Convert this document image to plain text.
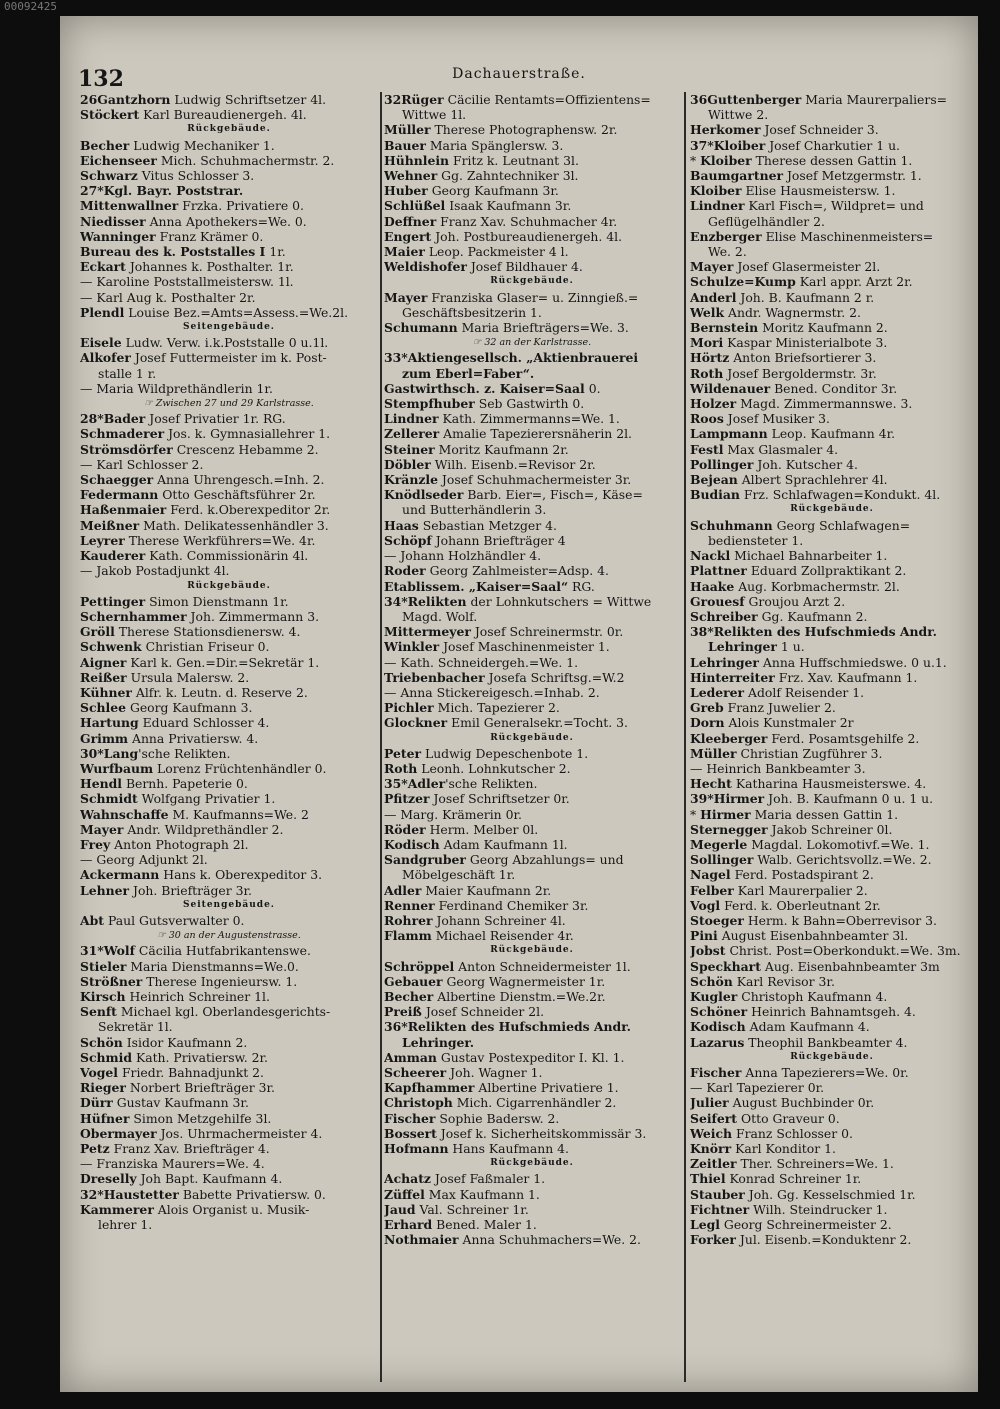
00092425
132	Dachauerstraße.
26Gantzhorn Ludwig Schriftsetzer 4l.
Stöckert Karl Bureaudienergeh. 4l.
Rückgebäude.
Becher Ludwig Mechaniker 1.
Eichenseer Mich. Schuhmachermstr. 2.
Schwarz Vitus Schlosser 3.
27*Kgl. Bayr. Poststrar.
Mittenwallner Frzka. Privatiere 0.
Niedisser Anna Apothekers=We. 0.
Wanninger Franz Krämer 0.
Bureau des k. Poststalles I 1r.
Eckart Johannes k. Posthalter. 1r.
— Karoline Poststallmeistersw. 1l.
— Karl Aug k. Posthalter 2r.
Plendl Louise Bez.=Amts=Assess.=We.2l.
Seitengebäude.
Eisele Ludw. Verw. i.k.Poststalle 0 u.1l.
Alkofer Josef Futtermeister im k. Post-
stalle 1 r.
— Maria Wildprethändlerin 1r.
☞ Zwischen 27 und 29 Karlstrasse.
28*Bader Josef Privatier 1r. RG.
Schmaderer Jos. k. Gymnasiallehrer 1.
Strömsdörfer Crescenz Hebamme 2.
— Karl Schlosser 2.
Schaegger Anna Uhrengesch.=Inh. 2.
Federmann Otto Geschäftsführer 2r.
Haßenmaier Ferd. k.Oberexpeditor 2r.
Meißner Math. Delikatessenhändler 3.
Leyrer Therese Werkführers=We. 4r.
Kauderer Kath. Commissionärin 4l.
— Jakob Postadjunkt 4l.
Rückgebäude.
Pettinger Simon Dienstmann 1r.
Schernhammer Joh. Zimmermann 3.
Gröll Therese Stationsdienersw. 4.
Schwenk Christian Friseur 0.
Aigner Karl k. Gen.=Dir.=Sekretär 1.
Reißer Ursula Malersw. 2.
Kühner Alfr. k. Leutn. d. Reserve 2.
Schlee Georg Kaufmann 3.
Hartung Eduard Schlosser 4.
Grimm Anna Privatiersw. 4.
30*Lang'sche Relikten.
Wurfbaum Lorenz Früchtenhändler 0.
Hendl Bernh. Papeterie 0.
Schmidt Wolfgang Privatier 1.
Wahnschaffe M. Kaufmanns=We. 2
Mayer Andr. Wildprethändler 2.
Frey Anton Photograph 2l.
— Georg Adjunkt 2l.
Ackermann Hans k. Oberexpeditor 3.
Lehner Joh. Briefträger 3r.
Seitengebäude.
Abt Paul Gutsverwalter 0.
☞ 30 an der Augustenstrasse.
31*Wolf Cäcilia Hutfabrikantenswe.
Stieler Maria Dienstmanns=We.0.
Strößner Therese Ingenieursw. 1.
Kirsch Heinrich Schreiner 1l.
Senft Michael kgl. Oberlandesgerichts-
Sekretär 1l.
Schön Isidor Kaufmann 2.
Schmid Kath. Privatiersw. 2r.
Vogel Friedr. Bahnadjunkt 2.
Rieger Norbert Briefträger 3r.
Dürr Gustav Kaufmann 3r.
Hüfner Simon Metzgehilfe 3l.
Obermayer Jos. Uhrmachermeister 4.
Petz Franz Xav. Briefträger 4.
— Franziska Maurers=We. 4.
Dreselly Joh Bapt. Kaufmann 4.
32*Haustetter Babette Privatiersw. 0.
Kammerer Alois Organist u. Musik-
lehrer 1.
32Rüger Cäcilie Rentamts=Offizientens=
Wittwe 1l.
Müller Therese Photographensw. 2r.
Bauer Maria Spänglersw. 3.
Hühnlein Fritz k. Leutnant 3l.
Wehner Gg. Zahntechniker 3l.
Huber Georg Kaufmann 3r.
Schlüßel Isaak Kaufmann 3r.
Deffner Franz Xav. Schuhmacher 4r.
Engert Joh. Postbureaudienergeh. 4l.
Maier Leop. Packmeister 4 l.
Weldishofer Josef Bildhauer 4.
Rückgebäude.
Mayer Franziska Glaser= u. Zinngieß.=
Geschäftsbesitzerin 1.
Schumann Maria Briefträgers=We. 3.
☞ 32 an der Karlstrasse.
33*Aktiengesellsch. „Aktienbrauerei
zum Eberl=Faber“.
Gastwirthsch. z. Kaiser=Saal 0.
Stempfhuber Seb Gastwirth 0.
Lindner Kath. Zimmermanns=We. 1.
Zellerer Amalie Tapezierersnäherin 2l.
Steiner Moritz Kaufmann 2r.
Döbler Wilh. Eisenb.=Revisor 2r.
Kränzle Josef Schuhmachermeister 3r.
Knödlseder Barb. Eier=, Fisch=, Käse=
und Butterhändlerin 3.
Haas Sebastian Metzger 4.
Schöpf Johann Briefträger 4
— Johann Holzhändler 4.
Roder Georg Zahlmeister=Adsp. 4.
Etablissem. „Kaiser=Saal“ RG.
34*Relikten der Lohnkutschers = Wittwe
Magd. Wolf.
Mittermeyer Josef Schreinermstr. 0r.
Winkler Josef Maschinenmeister 1.
— Kath. Schneidergeh.=We. 1.
Triebenbacher Josefa Schriftsg.=W.2
— Anna Stickereigesch.=Inhab. 2.
Pichler Mich. Tapezierer 2.
Glockner Emil Generalsekr.=Tocht. 3.
Rückgebäude.
Peter Ludwig Depeschenbote 1.
Roth Leonh. Lohnkutscher 2.
35*Adler'sche Relikten.
Pfitzer Josef Schriftsetzer 0r.
— Marg. Krämerin 0r.
Röder Herm. Melber 0l.
Kodisch Adam Kaufmann 1l.
Sandgruber Georg Abzahlungs= und
Möbelgeschäft 1r.
Adler Maier Kaufmann 2r.
Renner Ferdinand Chemiker 3r.
Rohrer Johann Schreiner 4l.
Flamm Michael Reisender 4r.
Rückgebäude.
Schröppel Anton Schneidermeister 1l.
Gebauer Georg Wagnermeister 1r.
Becher Albertine Dienstm.=We.2r.
Preiß Josef Schneider 2l.
36*Relikten des Hufschmieds Andr.
Lehringer.
Amman Gustav Postexpeditor I. Kl. 1.
Scheerer Joh. Wagner 1.
Kapfhammer Albertine Privatiere 1.
Christoph Mich. Cigarrenhändler 2.
Fischer Sophie Badersw. 2.
Bossert Josef k. Sicherheitskommissär 3.
Hofmann Hans Kaufmann 4.
Rückgebäude.
Achatz Josef Faßmaler 1.
Züffel Max Kaufmann 1.
Jaud Val. Schreiner 1r.
Erhard Bened. Maler 1.
Nothmaier Anna Schuhmachers=We. 2.
36Guttenberger Maria Maurerpaliers=
Wittwe 2.
Herkomer Josef Schneider 3.
37*Kloiber Josef Charkutier 1 u.
* Kloiber Therese dessen Gattin 1.
Baumgartner Josef Metzgermstr. 1.
Kloiber Elise Hausmeistersw. 1.
Lindner Karl Fisch=, Wildpret= und
Geflügelhändler 2.
Enzberger Elise Maschinenmeisters=
We. 2.
Mayer Josef Glasermeister 2l.
Schulze=Kump Karl appr. Arzt 2r.
Anderl Joh. B. Kaufmann 2 r.
Welk Andr. Wagnermstr. 2.
Bernstein Moritz Kaufmann 2.
Mori Kaspar Ministerialbote 3.
Hörtz Anton Briefsortierer 3.
Roth Josef Bergoldermstr. 3r.
Wildenauer Bened. Conditor 3r.
Holzer Magd. Zimmermannswe. 3.
Roos Josef Musiker 3.
Lampmann Leop. Kaufmann 4r.
Festl Max Glasmaler 4.
Pollinger Joh. Kutscher 4.
Bejean Albert Sprachlehrer 4l.
Budian Frz. Schlafwagen=Kondukt. 4l.
Rückgebäude.
Schuhmann Georg Schlafwagen=
bediensteter 1.
Nackl Michael Bahnarbeiter 1.
Plattner Eduard Zollpraktikant 2.
Haake Aug. Korbmachermstr. 2l.
Grouesf Groujou Arzt 2.
Schreiber Gg. Kaufmann 2.
38*Relikten des Hufschmieds Andr.
Lehringer 1 u.
Lehringer Anna Huffschmiedswe. 0 u.1.
Hinterreiter Frz. Xav. Kaufmann 1.
Lederer Adolf Reisender 1.
Greb Franz Juwelier 2.
Dorn Alois Kunstmaler 2r
Kleeberger Ferd. Posamtsgehilfe 2.
Müller Christian Zugführer 3.
— Heinrich Bankbeamter 3.
Hecht Katharina Hausmeisterswe. 4.
39*Hirmer Joh. B. Kaufmann 0 u. 1 u.
* Hirmer Maria dessen Gattin 1.
Sternegger Jakob Schreiner 0l.
Megerle Magdal. Lokomotivf.=We. 1.
Sollinger Walb. Gerichtsvollz.=We. 2.
Nagel Ferd. Postadspirant 2.
Felber Karl Maurerpalier 2.
Vogl Ferd. k. Oberleutnant 2r.
Stoeger Herm. k Bahn=Oberrevisor 3.
Pini August Eisenbahnbeamter 3l.
Jobst Christ. Post=Oberkondukt.=We. 3m.
Speckhart Aug. Eisenbahnbeamter 3m
Schön Karl Revisor 3r.
Kugler Christoph Kaufmann 4.
Schöner Heinrich Bahnamtsgeh. 4.
Kodisch Adam Kaufmann 4.
Lazarus Theophil Bankbeamter 4.
Rückgebäude.
Fischer Anna Tapezierers=We. 0r.
— Karl Tapezierer 0r.
Julier August Buchbinder 0r.
Seifert Otto Graveur 0.
Weich Franz Schlosser 0.
Knörr Karl Konditor 1.
Zeitler Ther. Schreiners=We. 1.
Thiel Konrad Schreiner 1r.
Stauber Joh. Gg. Kesselschmied 1r.
Fichtner Wilh. Steindrucker 1.
Legl Georg Schreinermeister 2.
Forker Jul. Eisenb.=Konduktenr 2.
